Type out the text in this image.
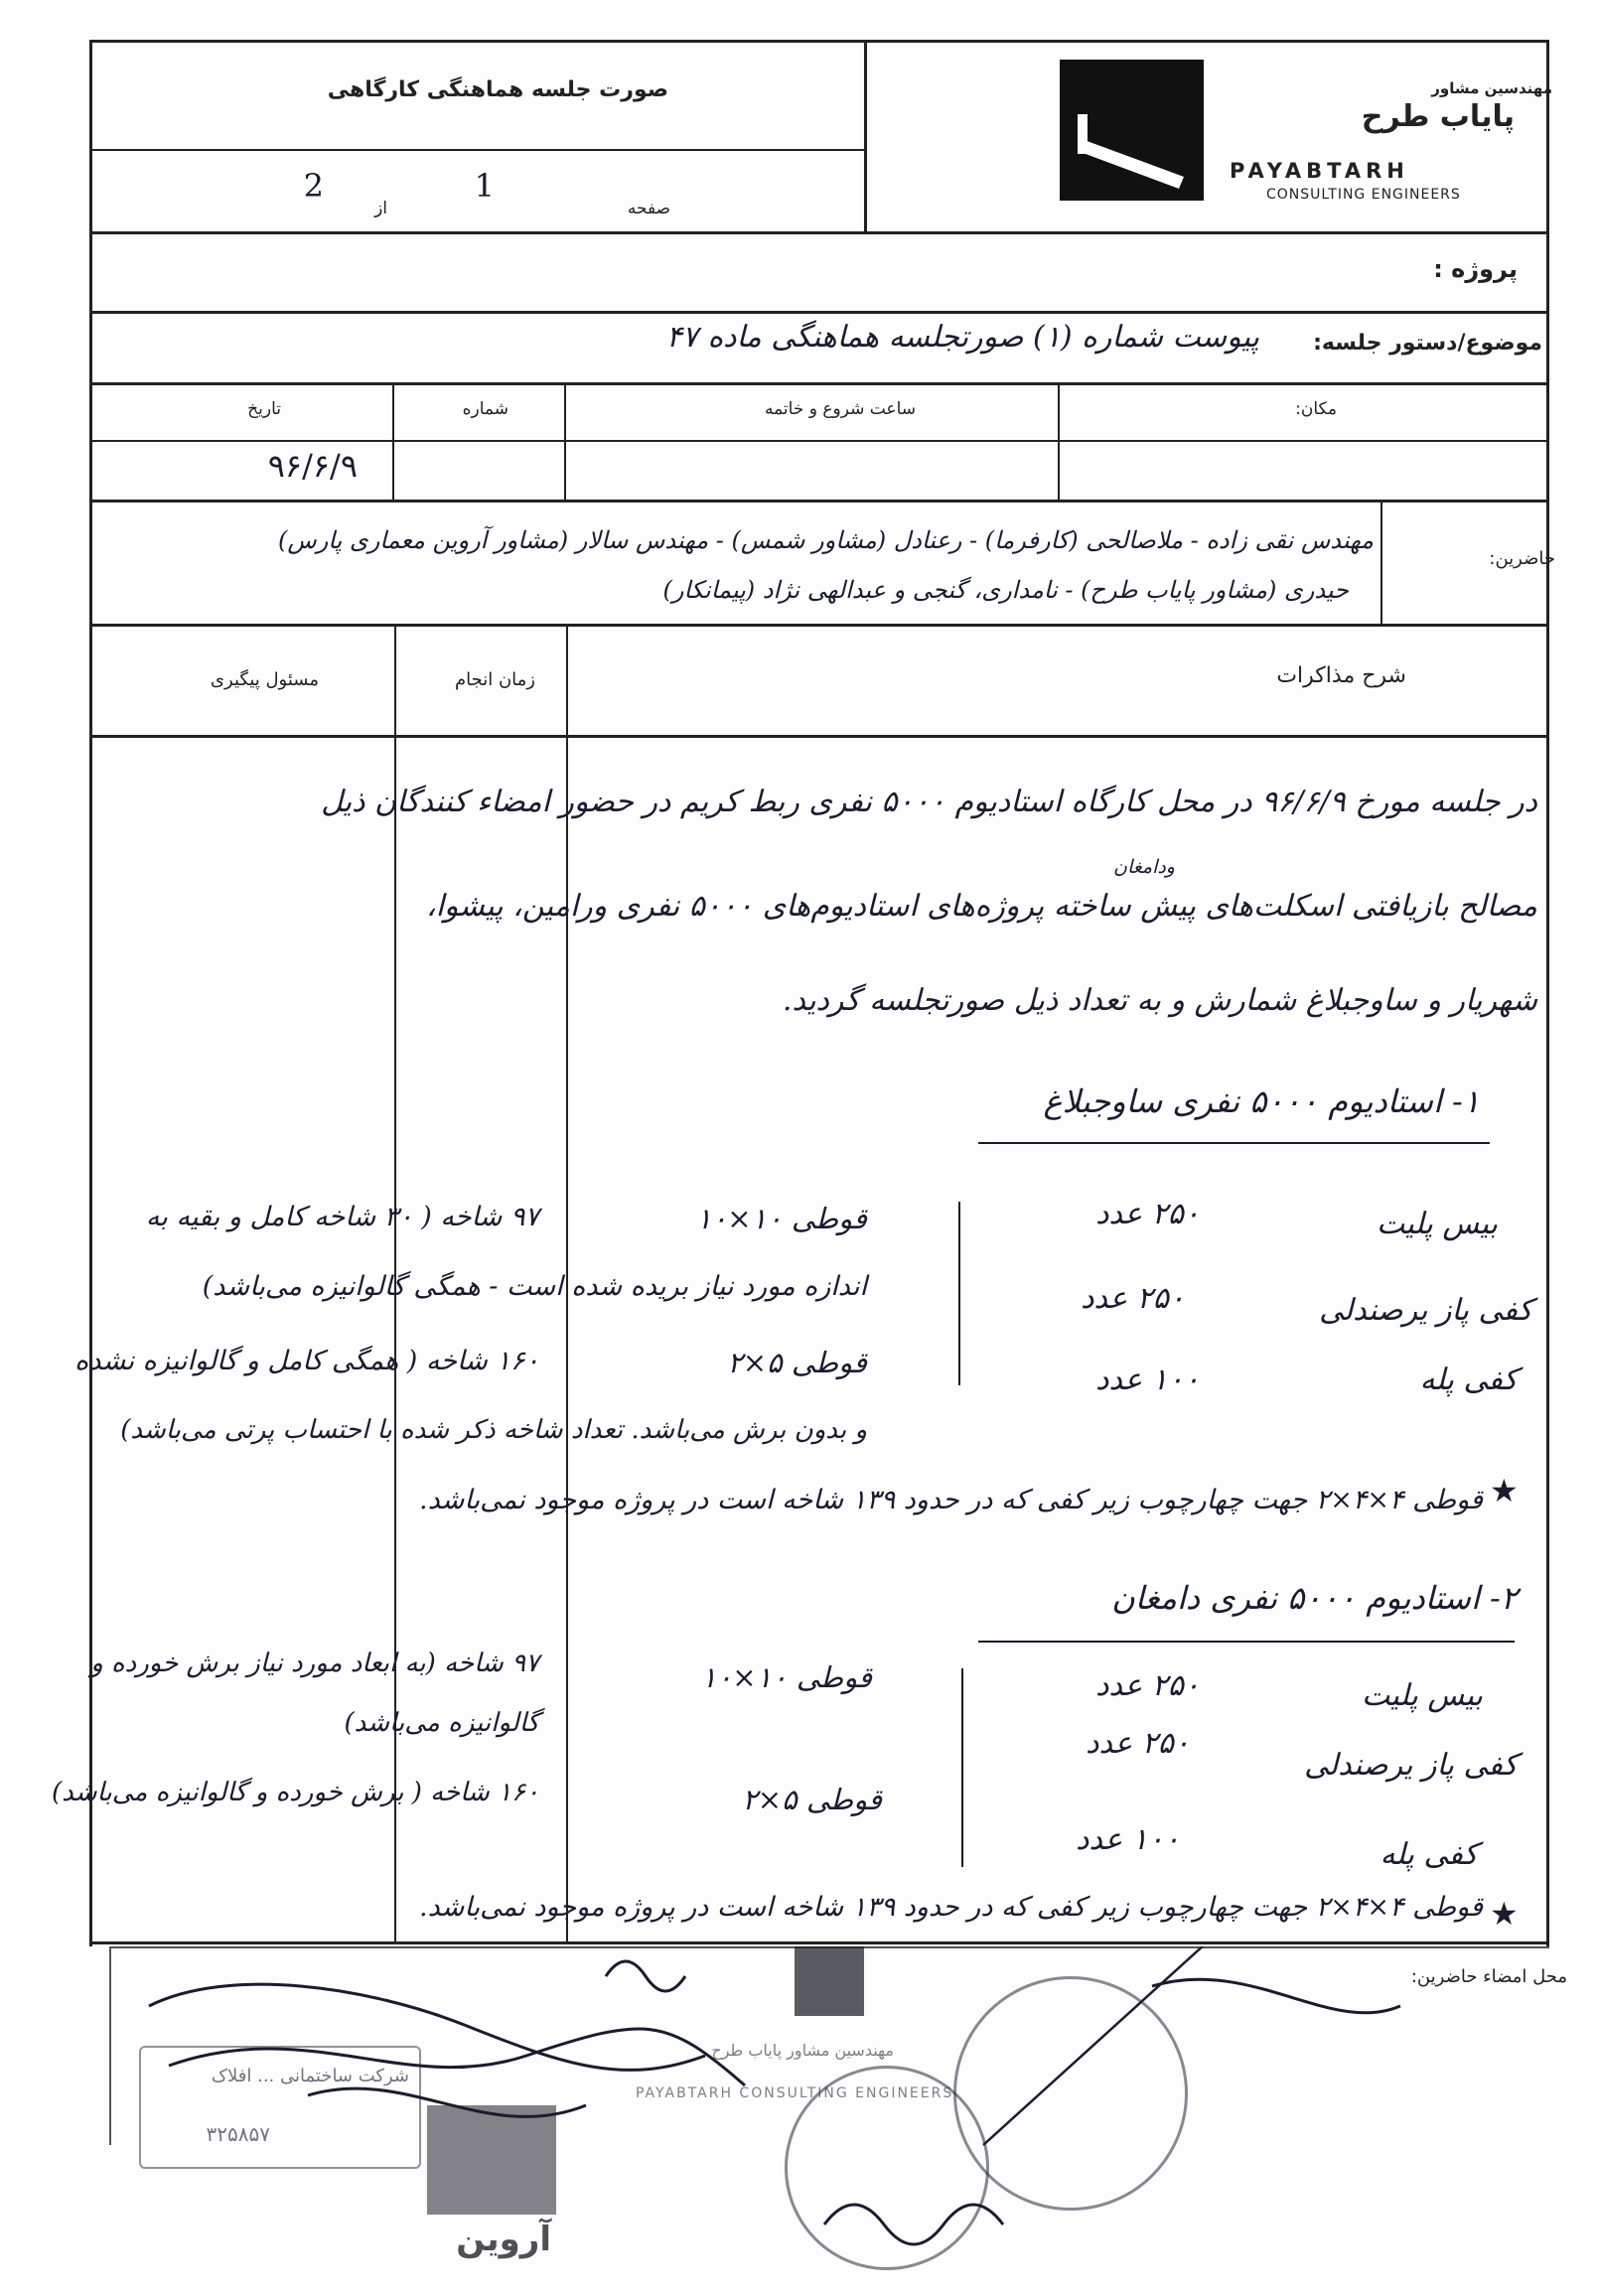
صورت جلسه هماهنگی کارگاهی
صفحه
1
از
2
مهندسین مشاور
پایاب طرح
PAYABTARH
CONSULTING ENGINEERS
پروژه :
موضوع/دستور جلسه:
پیوست شماره (۱) صورتجلسه هماهنگی ماده ۴۷
مکان:
ساعت شروع و خاتمه
شماره
تاریخ
۹۶/۶/۹
حاضرین:
مهندس نقی زاده - ملاصالحی (کارفرما) - رعنادل (مشاور شمس) - مهندس سالار (مشاور آروین معماری پارس)
حیدری (مشاور پایاب طرح) - نامداری، گنجی و عبدالهی نژاد (پیمانکار)
شرح مذاکرات
زمان انجام
مسئول پیگیری
در جلسه مورخ ۹۶/۶/۹ در محل کارگاه استادیوم ۵۰۰۰ نفری ربط کریم در حضور امضاء کنندگان ذیل
مصالح بازیافتی اسکلت‌های پیش ساخته پروژه‌های استادیوم‌های ۵۰۰۰ نفری ورامین، پیشوا،
ودامغان
شهریار و ساوجبلاغ شمارش و به تعداد ذیل صورتجلسه گردید.
۱- استادیوم ۵۰۰۰ نفری ساوجبلاغ
بیس پلیت
۲۵۰ عدد
کفی پاز یرصندلی
۲۵۰ عدد
کفی پله
۱۰۰ عدد
قوطی ۱۰×۱۰
۹۷ شاخه ( ۳۰ شاخه کامل و بقیه به
اندازه مورد نیاز بریده شده است - همگی گالوانیزه می‌باشد)
قوطی ۵×۲
۱۶۰ شاخه ( همگی کامل و گالوانیزه نشده
و بدون برش می‌باشد. تعداد شاخه ذکر شده با احتساب پرتی می‌باشد)
★
قوطی ۴×۴×۲ جهت چهارچوب زیر کفی که در حدود ۱۳۹ شاخه است در پروژه موجود نمی‌باشد.
۲- استادیوم ۵۰۰۰ نفری دامغان
بیس پلیت
۲۵۰ عدد
کفی پاز یرصندلی
۲۵۰ عدد
کفی پله
۱۰۰ عدد
قوطی ۱۰×۱۰
۹۷ شاخه (به ابعاد مورد نیاز برش خورده و
گالوانیزه می‌باشد)
قوطی ۵×۲
۱۶۰ شاخه ( برش خورده و گالوانیزه می‌باشد)
★
قوطی ۴×۴×۲ جهت چهارچوب زیر کفی که در حدود ۱۳۹ شاخه است در پروژه موجود نمی‌باشد.
محل امضاء حاضرین:
مهندسین مشاور پایاب طرح
PAYABTARH CONSULTING ENGINEERS
شرکت ساختمانی ... افلاک
۳۲۵۸۵۷
آروین
